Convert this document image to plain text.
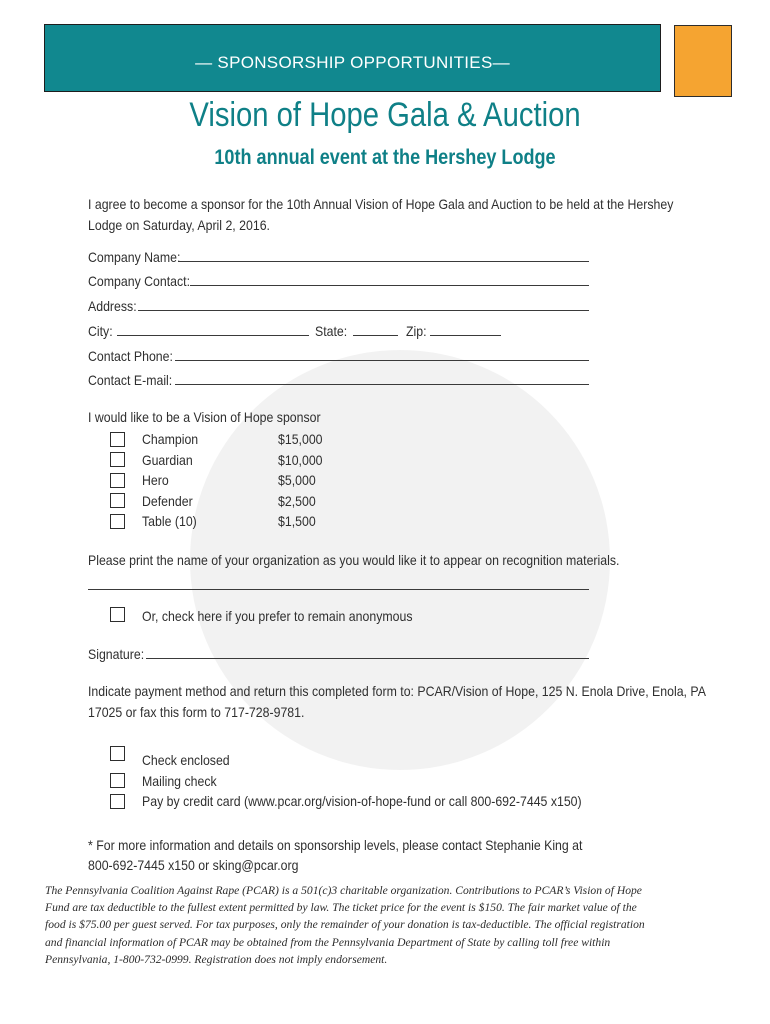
— SPONSORSHIP OPPORTUNITIES—
Vision of Hope Gala & Auction
10th annual event at the Hershey Lodge
I agree to become a sponsor for the 10th Annual Vision of Hope Gala and Auction to be held at the Hershey
Lodge on Saturday, April 2, 2016.
Company Name:
Company Contact:
Address:
City:	State:	Zip:
Contact Phone:
Contact E-mail:
I would like to be a Vision of Hope sponsor
Champion	$15,000
Guardian	$10,000
Hero	$5,000
Defender	$2,500
Table (10)	$1,500
Please print the name of your organization as you would like it to appear on recognition materials.
Or, check here if you prefer to remain anonymous
Signature:
Indicate payment method and return this completed form to: PCAR/Vision of Hope, 125 N. Enola Drive, Enola, PA
17025 or fax this form to 717-728-9781.
Check enclosed
Mailing check
Pay by credit card (www.pcar.org/vision-of-hope-fund or call 800-692-7445 x150)
* For more information and details on sponsorship levels, please contact Stephanie King at
800-692-7445 x150 or sking@pcar.org
The Pennsylvania Coalition Against Rape (PCAR) is a 501(c)3 charitable organization. Contributions to PCAR’s Vision of Hope
Fund are tax deductible to the fullest extent permitted by law. The ticket price for the event is $150. The fair market value of the
food is $75.00 per guest served. For tax purposes, only the remainder of your donation is tax-deductible. The official registration
and financial information of PCAR may be obtained from the Pennsylvania Department of State by calling toll free within
Pennsylvania, 1-800-732-0999. Registration does not imply endorsement.
